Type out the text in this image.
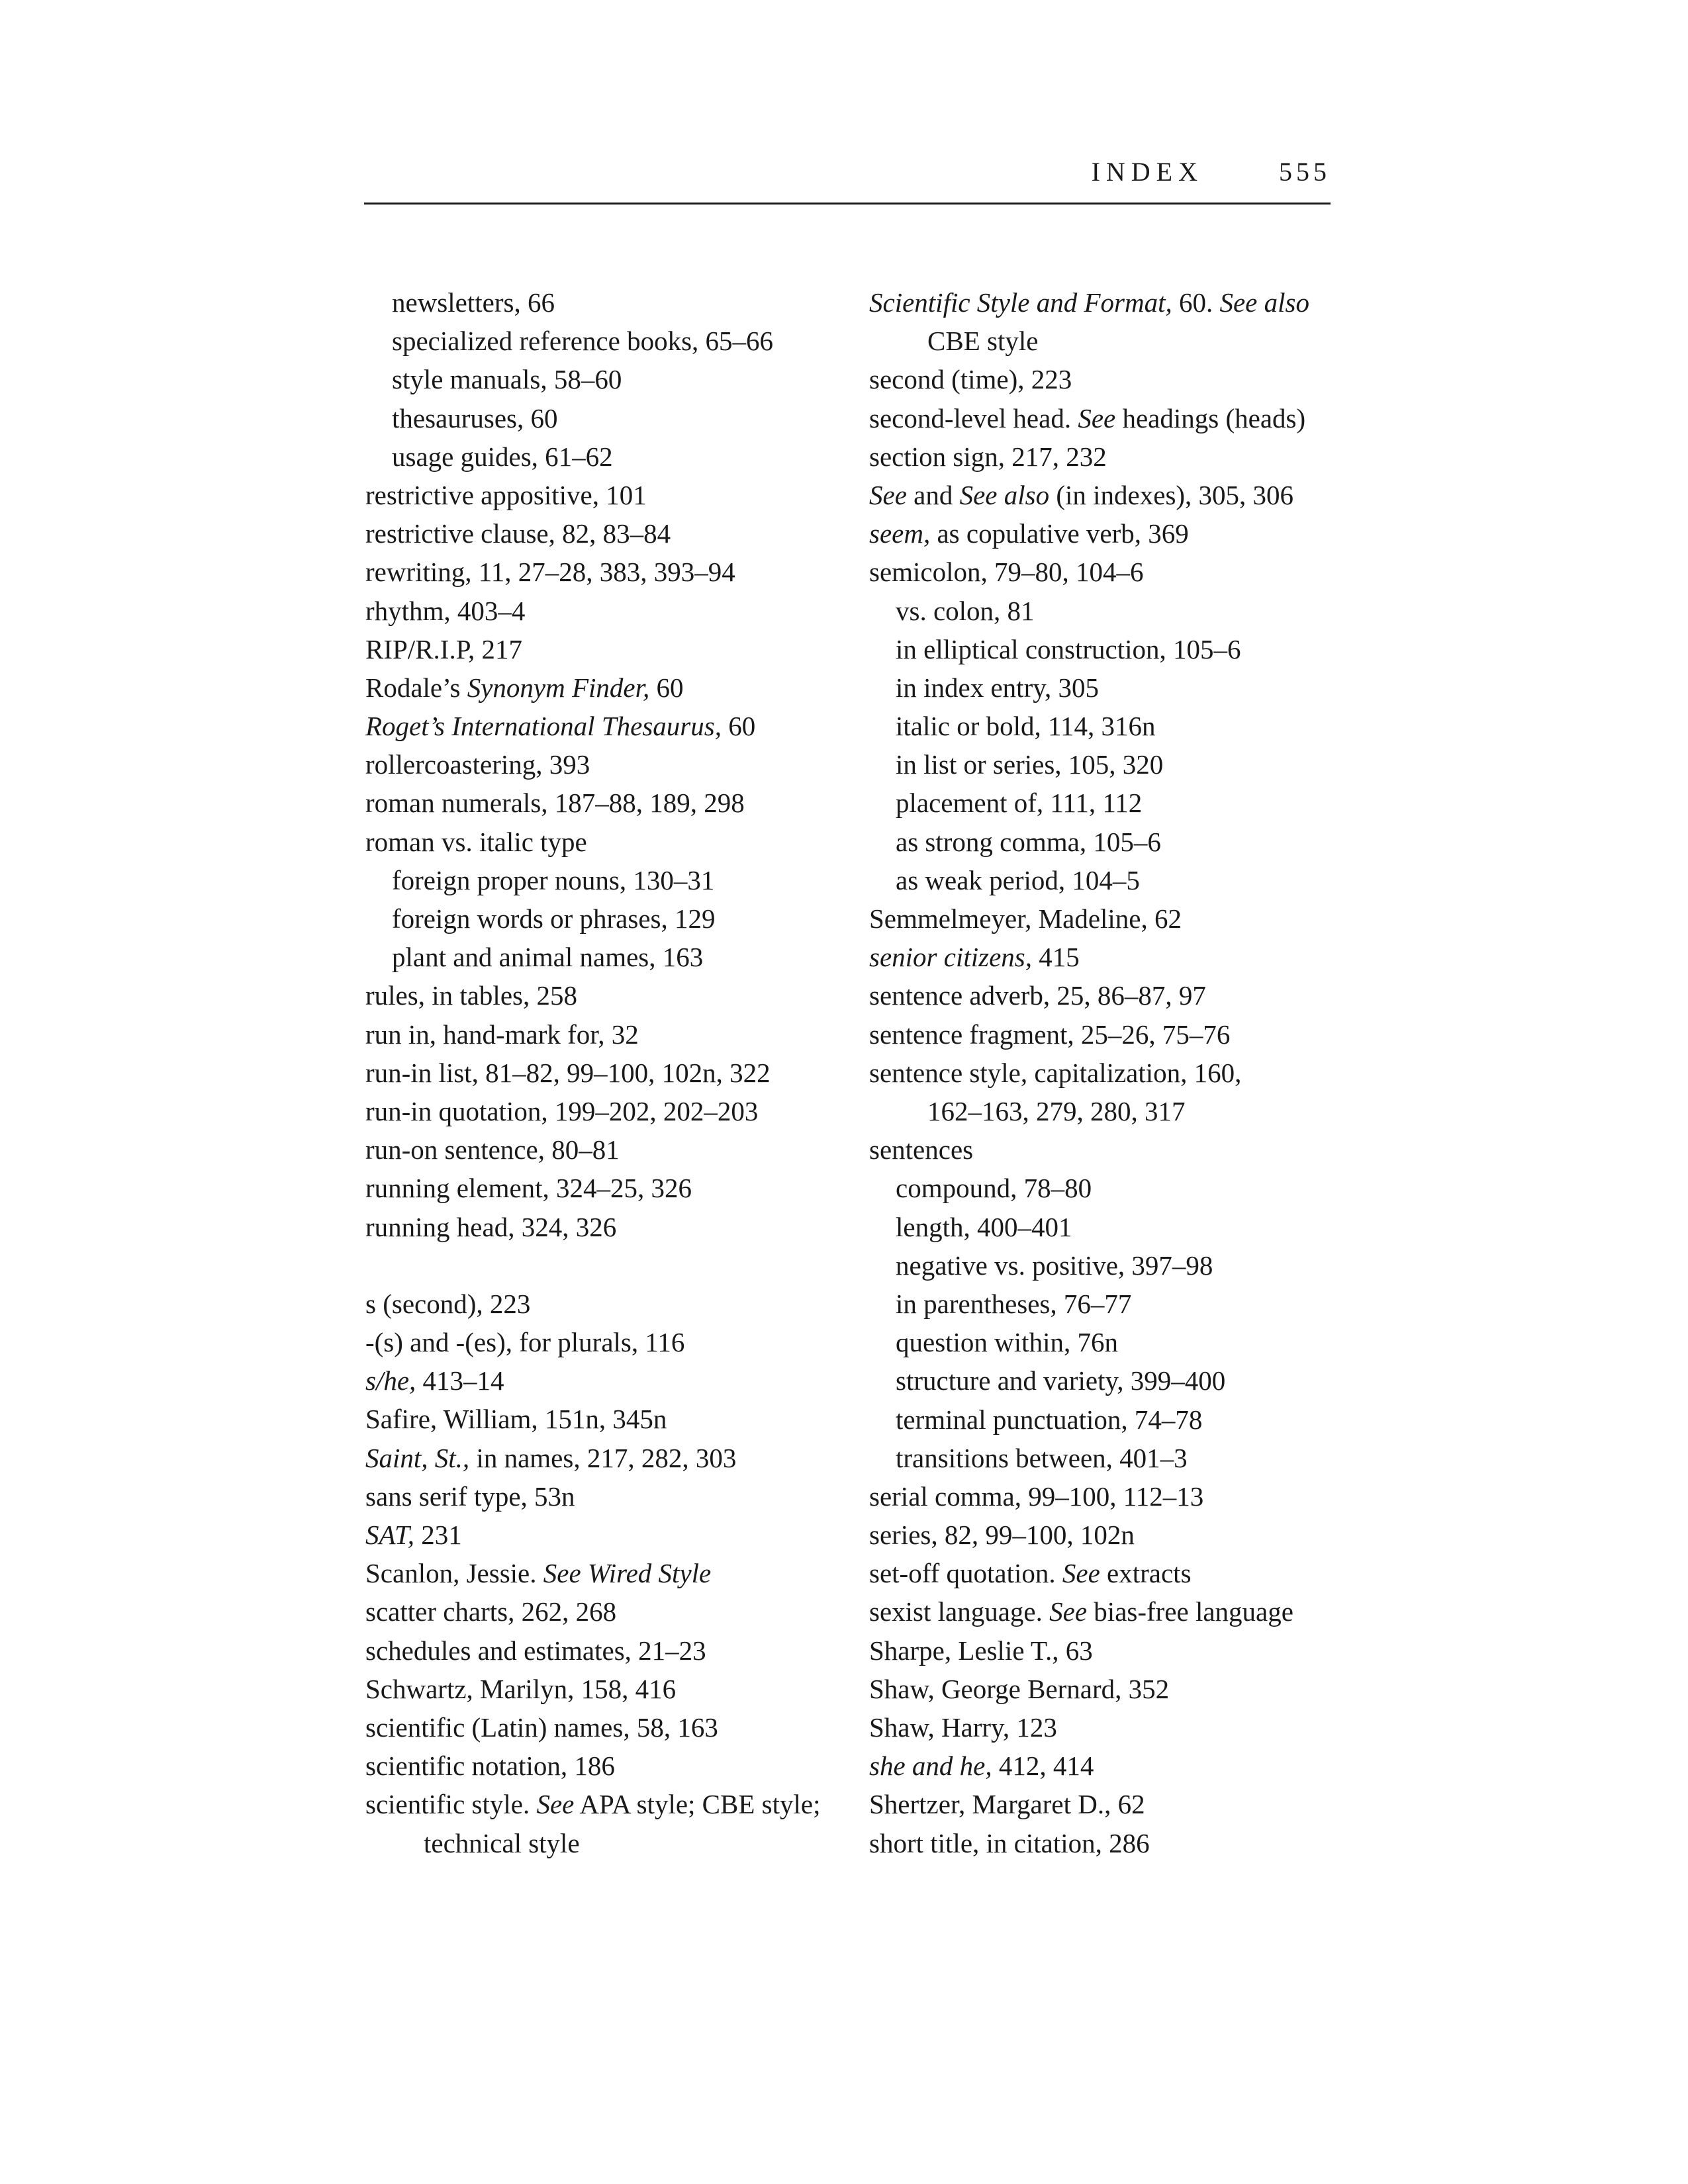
INDEX	555
newsletters, 66
specialized reference books, 65–66
style manuals, 58–60
thesauruses, 60
usage guides, 61–62
restrictive appositive, 101
restrictive clause, 82, 83–84
rewriting, 11, 27–28, 383, 393–94
rhythm, 403–4
RIP/R.I.P, 217
Rodale’s Synonym Finder, 60
Roget’s International Thesaurus, 60
rollercoastering, 393
roman numerals, 187–88, 189, 298
roman vs. italic type
foreign proper nouns, 130–31
foreign words or phrases, 129
plant and animal names, 163
rules, in tables, 258
run in, hand-mark for, 32
run-in list, 81–82, 99–100, 102n, 322
run-in quotation, 199–202, 202–203
run-on sentence, 80–81
running element, 324–25, 326
running head, 324, 326
s (second), 223
-(s) and -(es), for plurals, 116
s/he, 413–14
Safire, William, 151n, 345n
Saint, St., in names, 217, 282, 303
sans serif type, 53n
SAT, 231
Scanlon, Jessie. See Wired Style
scatter charts, 262, 268
schedules and estimates, 21–23
Schwartz, Marilyn, 158, 416
scientific (Latin) names, 58, 163
scientific notation, 186
scientific style. See APA style; CBE style;
technical style
Scientific Style and Format, 60. See also
CBE style
second (time), 223
second-level head. See headings (heads)
section sign, 217, 232
See and See also (in indexes), 305, 306
seem, as copulative verb, 369
semicolon, 79–80, 104–6
vs. colon, 81
in elliptical construction, 105–6
in index entry, 305
italic or bold, 114, 316n
in list or series, 105, 320
placement of, 111, 112
as strong comma, 105–6
as weak period, 104–5
Semmelmeyer, Madeline, 62
senior citizens, 415
sentence adverb, 25, 86–87, 97
sentence fragment, 25–26, 75–76
sentence style, capitalization, 160,
162–163, 279, 280, 317
sentences
compound, 78–80
length, 400–401
negative vs. positive, 397–98
in parentheses, 76–77
question within, 76n
structure and variety, 399–400
terminal punctuation, 74–78
transitions between, 401–3
serial comma, 99–100, 112–13
series, 82, 99–100, 102n
set-off quotation. See extracts
sexist language. See bias-free language
Sharpe, Leslie T., 63
Shaw, George Bernard, 352
Shaw, Harry, 123
she and he, 412, 414
Shertzer, Margaret D., 62
short title, in citation, 286
